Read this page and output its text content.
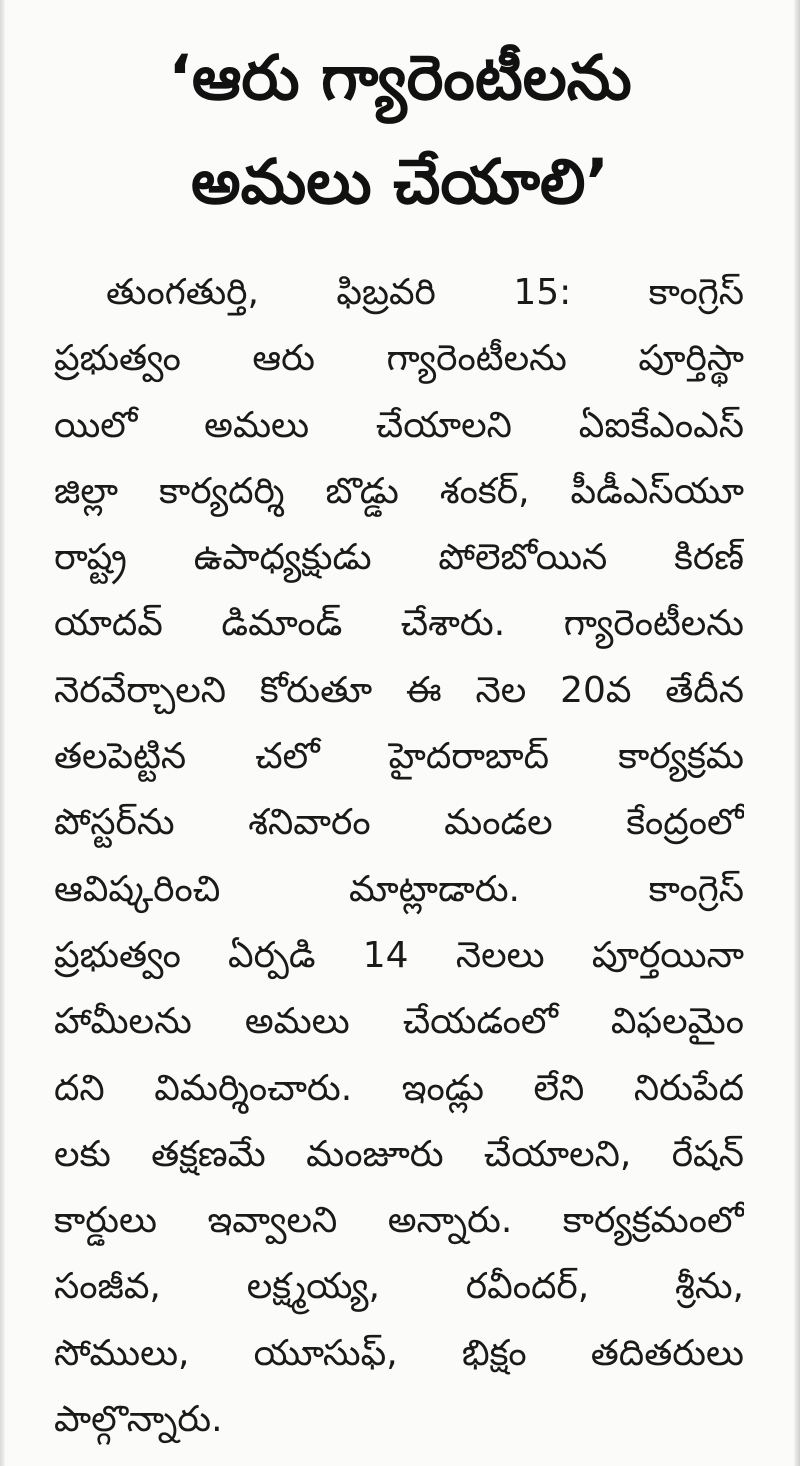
‘ఆరు గ్యారెంటీలను
అమలు చేయాలి’
తుంగతుర్తి, ఫిబ్రవరి 15: కాంగ్రెస్
ప్రభుత్వం ఆరు గ్యారెంటీలను పూర్తిస్థా
యిలో అమలు చేయాలని ఏఐకేఎంఎస్
జిల్లా కార్యదర్శి బొడ్డు శంకర్, పీడీఎస్‌యూ
రాష్ట్ర ఉపాధ్యక్షుడు పోలెబోయిన కిరణ్
యాదవ్ డిమాండ్ చేశారు. గ్యారెంటీలను
నెరవేర్చాలని కోరుతూ ఈ నెల 20వ తేదీన
తలపెట్టిన చలో హైదరాబాద్ కార్యక్రమ
పోస్టర్‌ను శనివారం మండల కేంద్రంలో
ఆవిష్కరించి మాట్లాడారు. కాంగ్రెస్
ప్రభుత్వం ఏర్పడి 14 నెలలు పూర్తయినా
హామీలను అమలు చేయడంలో విఫలమైం
దని విమర్శించారు. ఇండ్లు లేని నిరుపేద
లకు తక్షణమే మంజూరు చేయాలని, రేషన్
కార్డులు ఇవ్వాలని అన్నారు. కార్యక్రమంలో
సంజీవ, లక్ష్మయ్య, రవీందర్, శ్రీను,
సోములు, యూసుఫ్, భిక్షం తదితరులు
పాల్గొన్నారు.
